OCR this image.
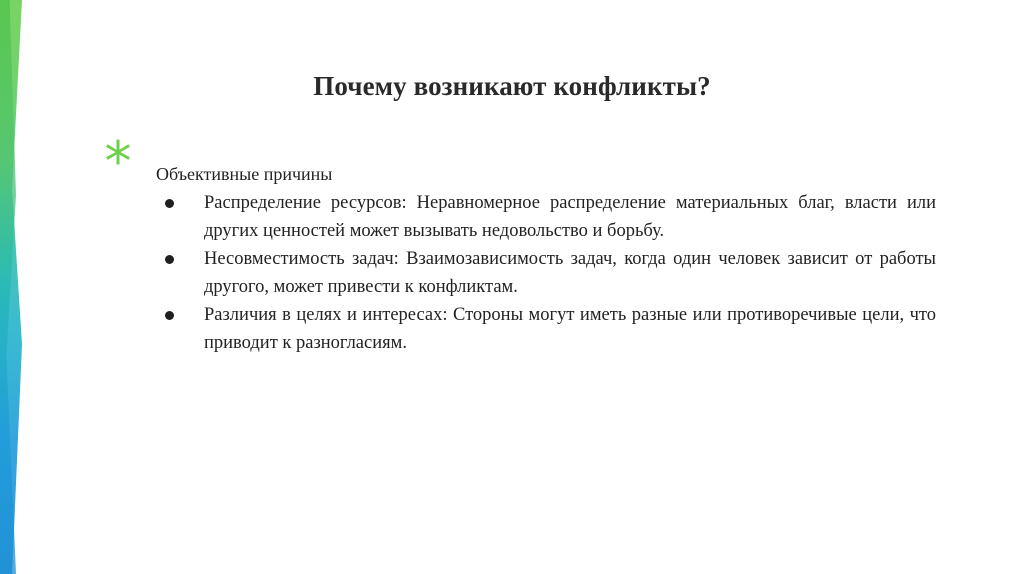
Почему возникают конфликты?
*	Объективные причины
Распределение ресурсов: Неравномерное распределение материальных благ, власти или других ценностей может вызывать недовольство и борьбу.
Несовместимость задач: Взаимозависимость задач, когда один человек зависит от работы другого, может привести к конфликтам.
Различия в целях и интересах: Стороны могут иметь разные или противоречивые цели, что приводит к разногласиям.
